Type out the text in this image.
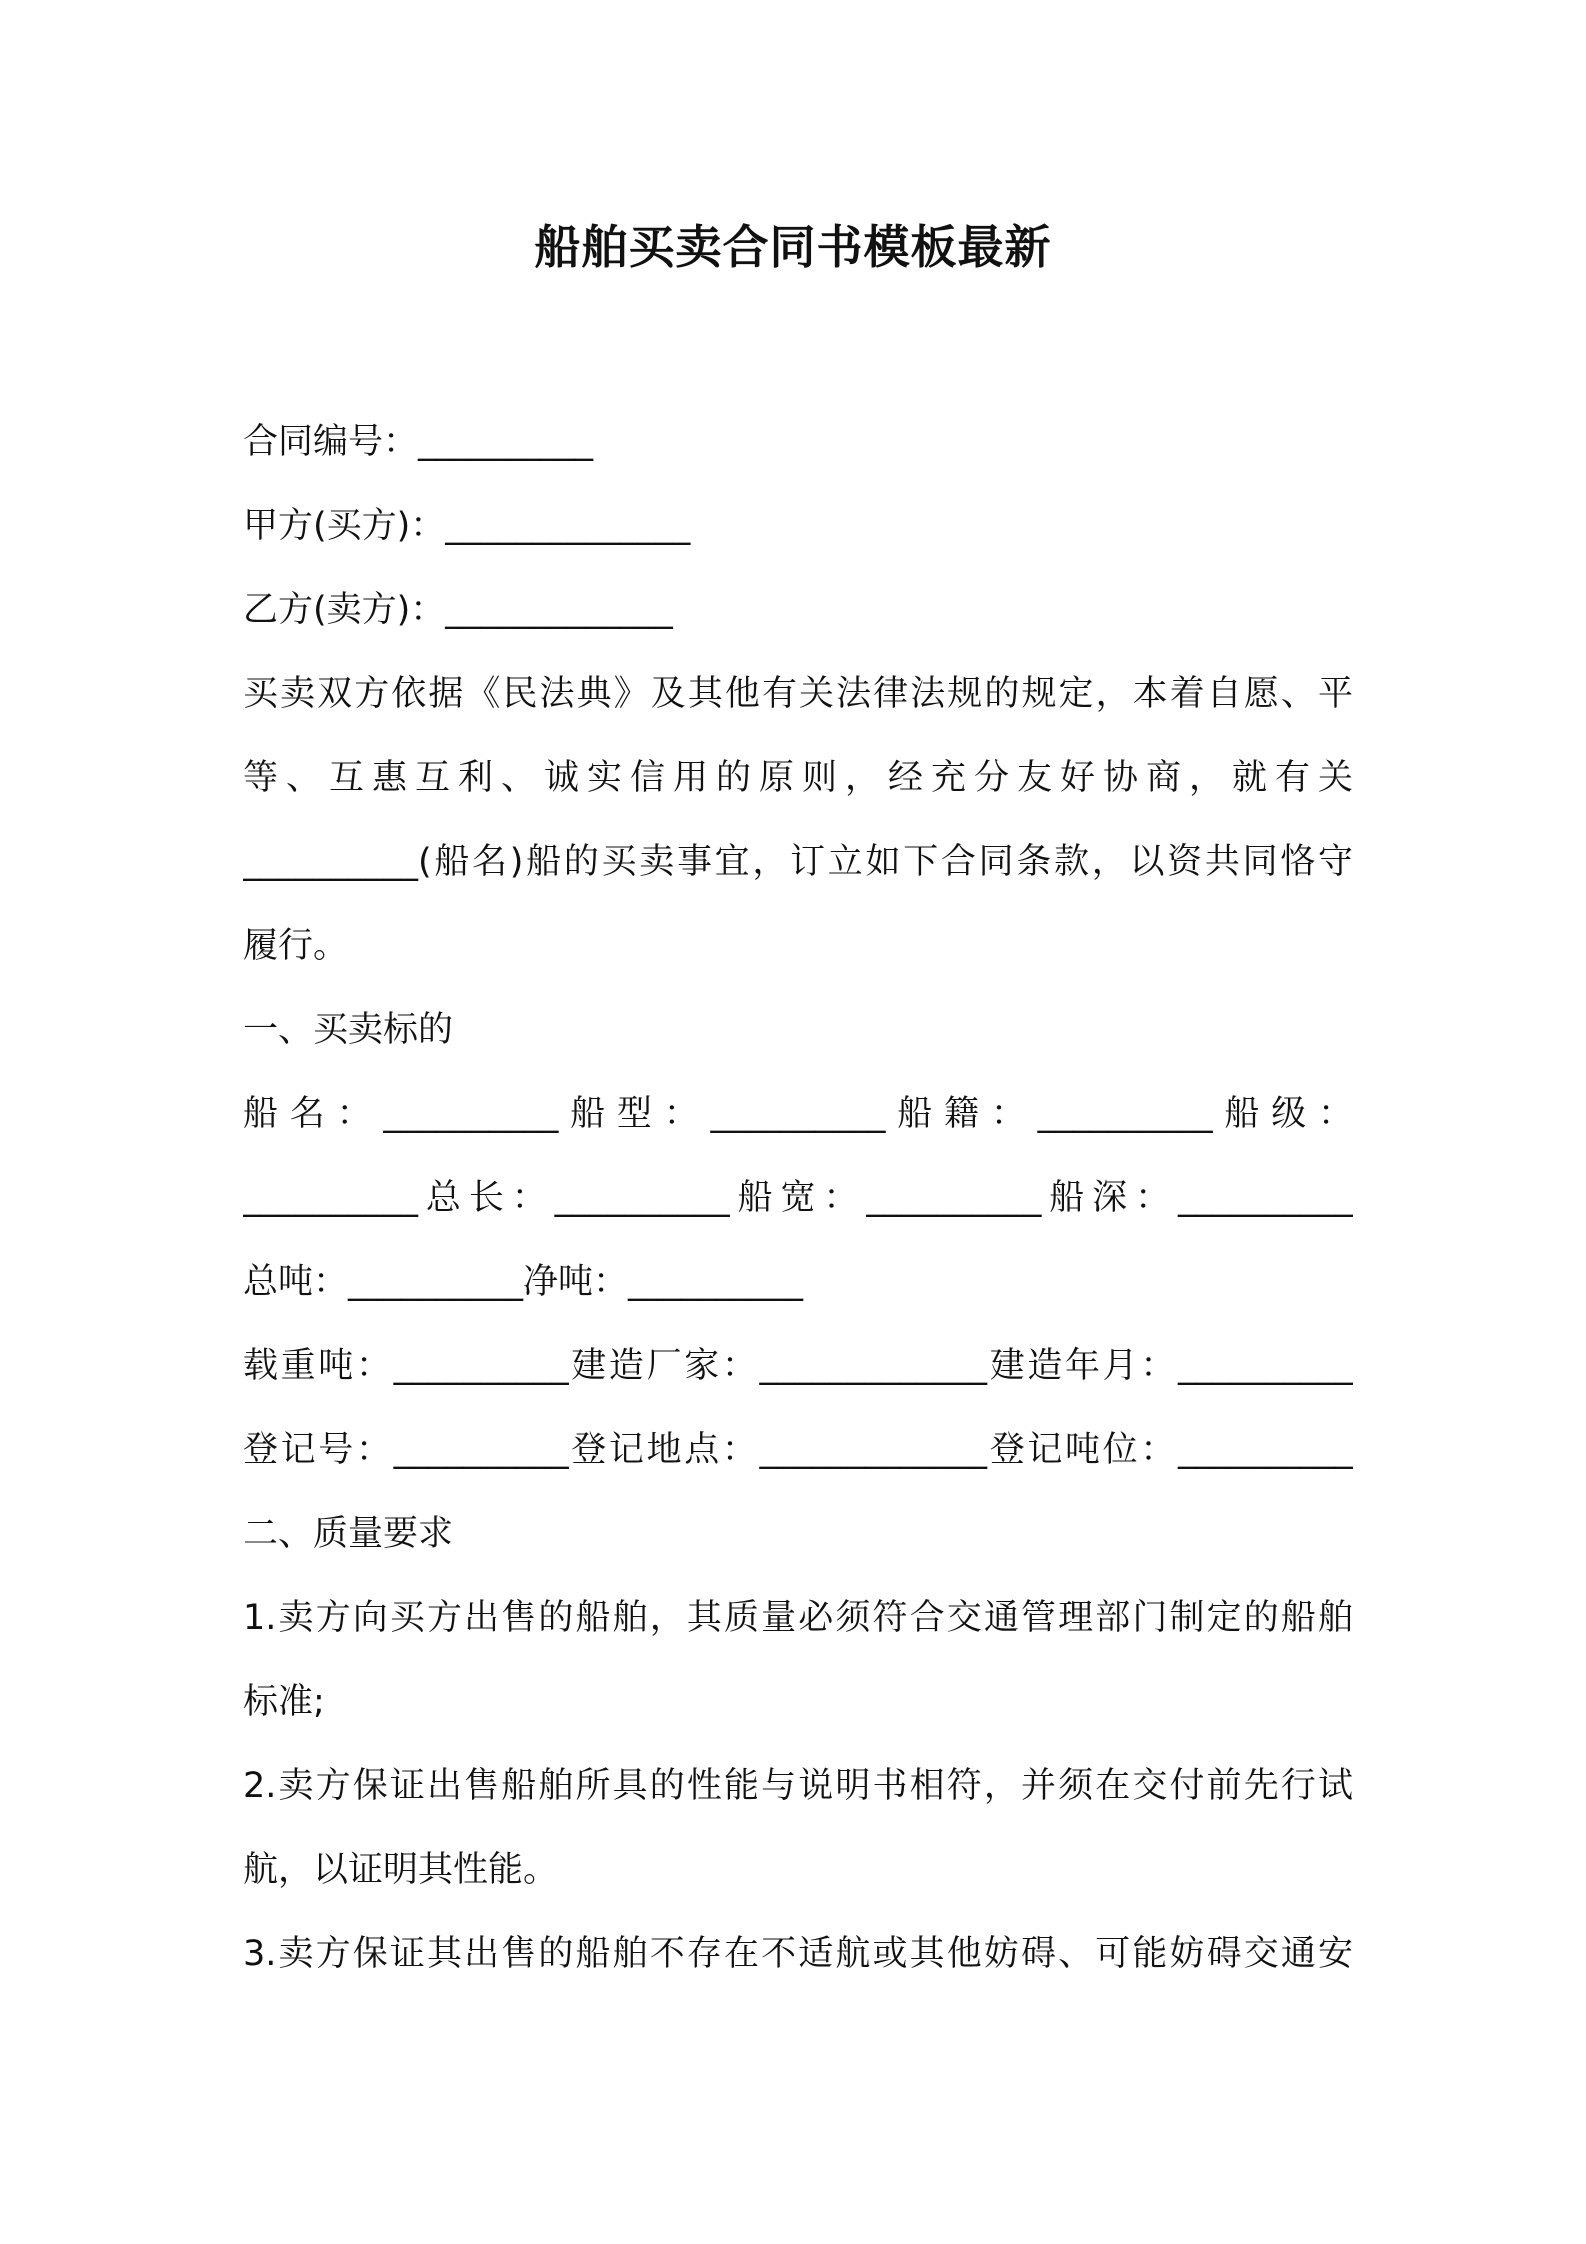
船舶买卖合同书模板最新
合同编号：__________
甲方(买方)：______________
乙方(卖方)：_____________
买卖双方依据《民法典》及其他有关法律法规的规定，本着自愿、平
等、互惠互利、诚实信用的原则，经充分友好协商，就有关
__________(船名)船的买卖事宜，订立如下合同条款，以资共同恪守
履行。
一、买卖标的
船名：__________船型：__________船籍：__________船级：
__________总长：__________船宽：__________船深：__________
总吨：__________净吨：__________
载重吨：__________建造厂家：_____________建造年月：__________
登记号：__________登记地点：_____________登记吨位：__________
二、质量要求
1.卖方向买方出售的船舶，其质量必须符合交通管理部门制定的船舶
标准;
2.卖方保证出售船舶所具的性能与说明书相符，并须在交付前先行试
航，以证明其性能。
3.卖方保证其出售的船舶不存在不适航或其他妨碍、可能妨碍交通安
